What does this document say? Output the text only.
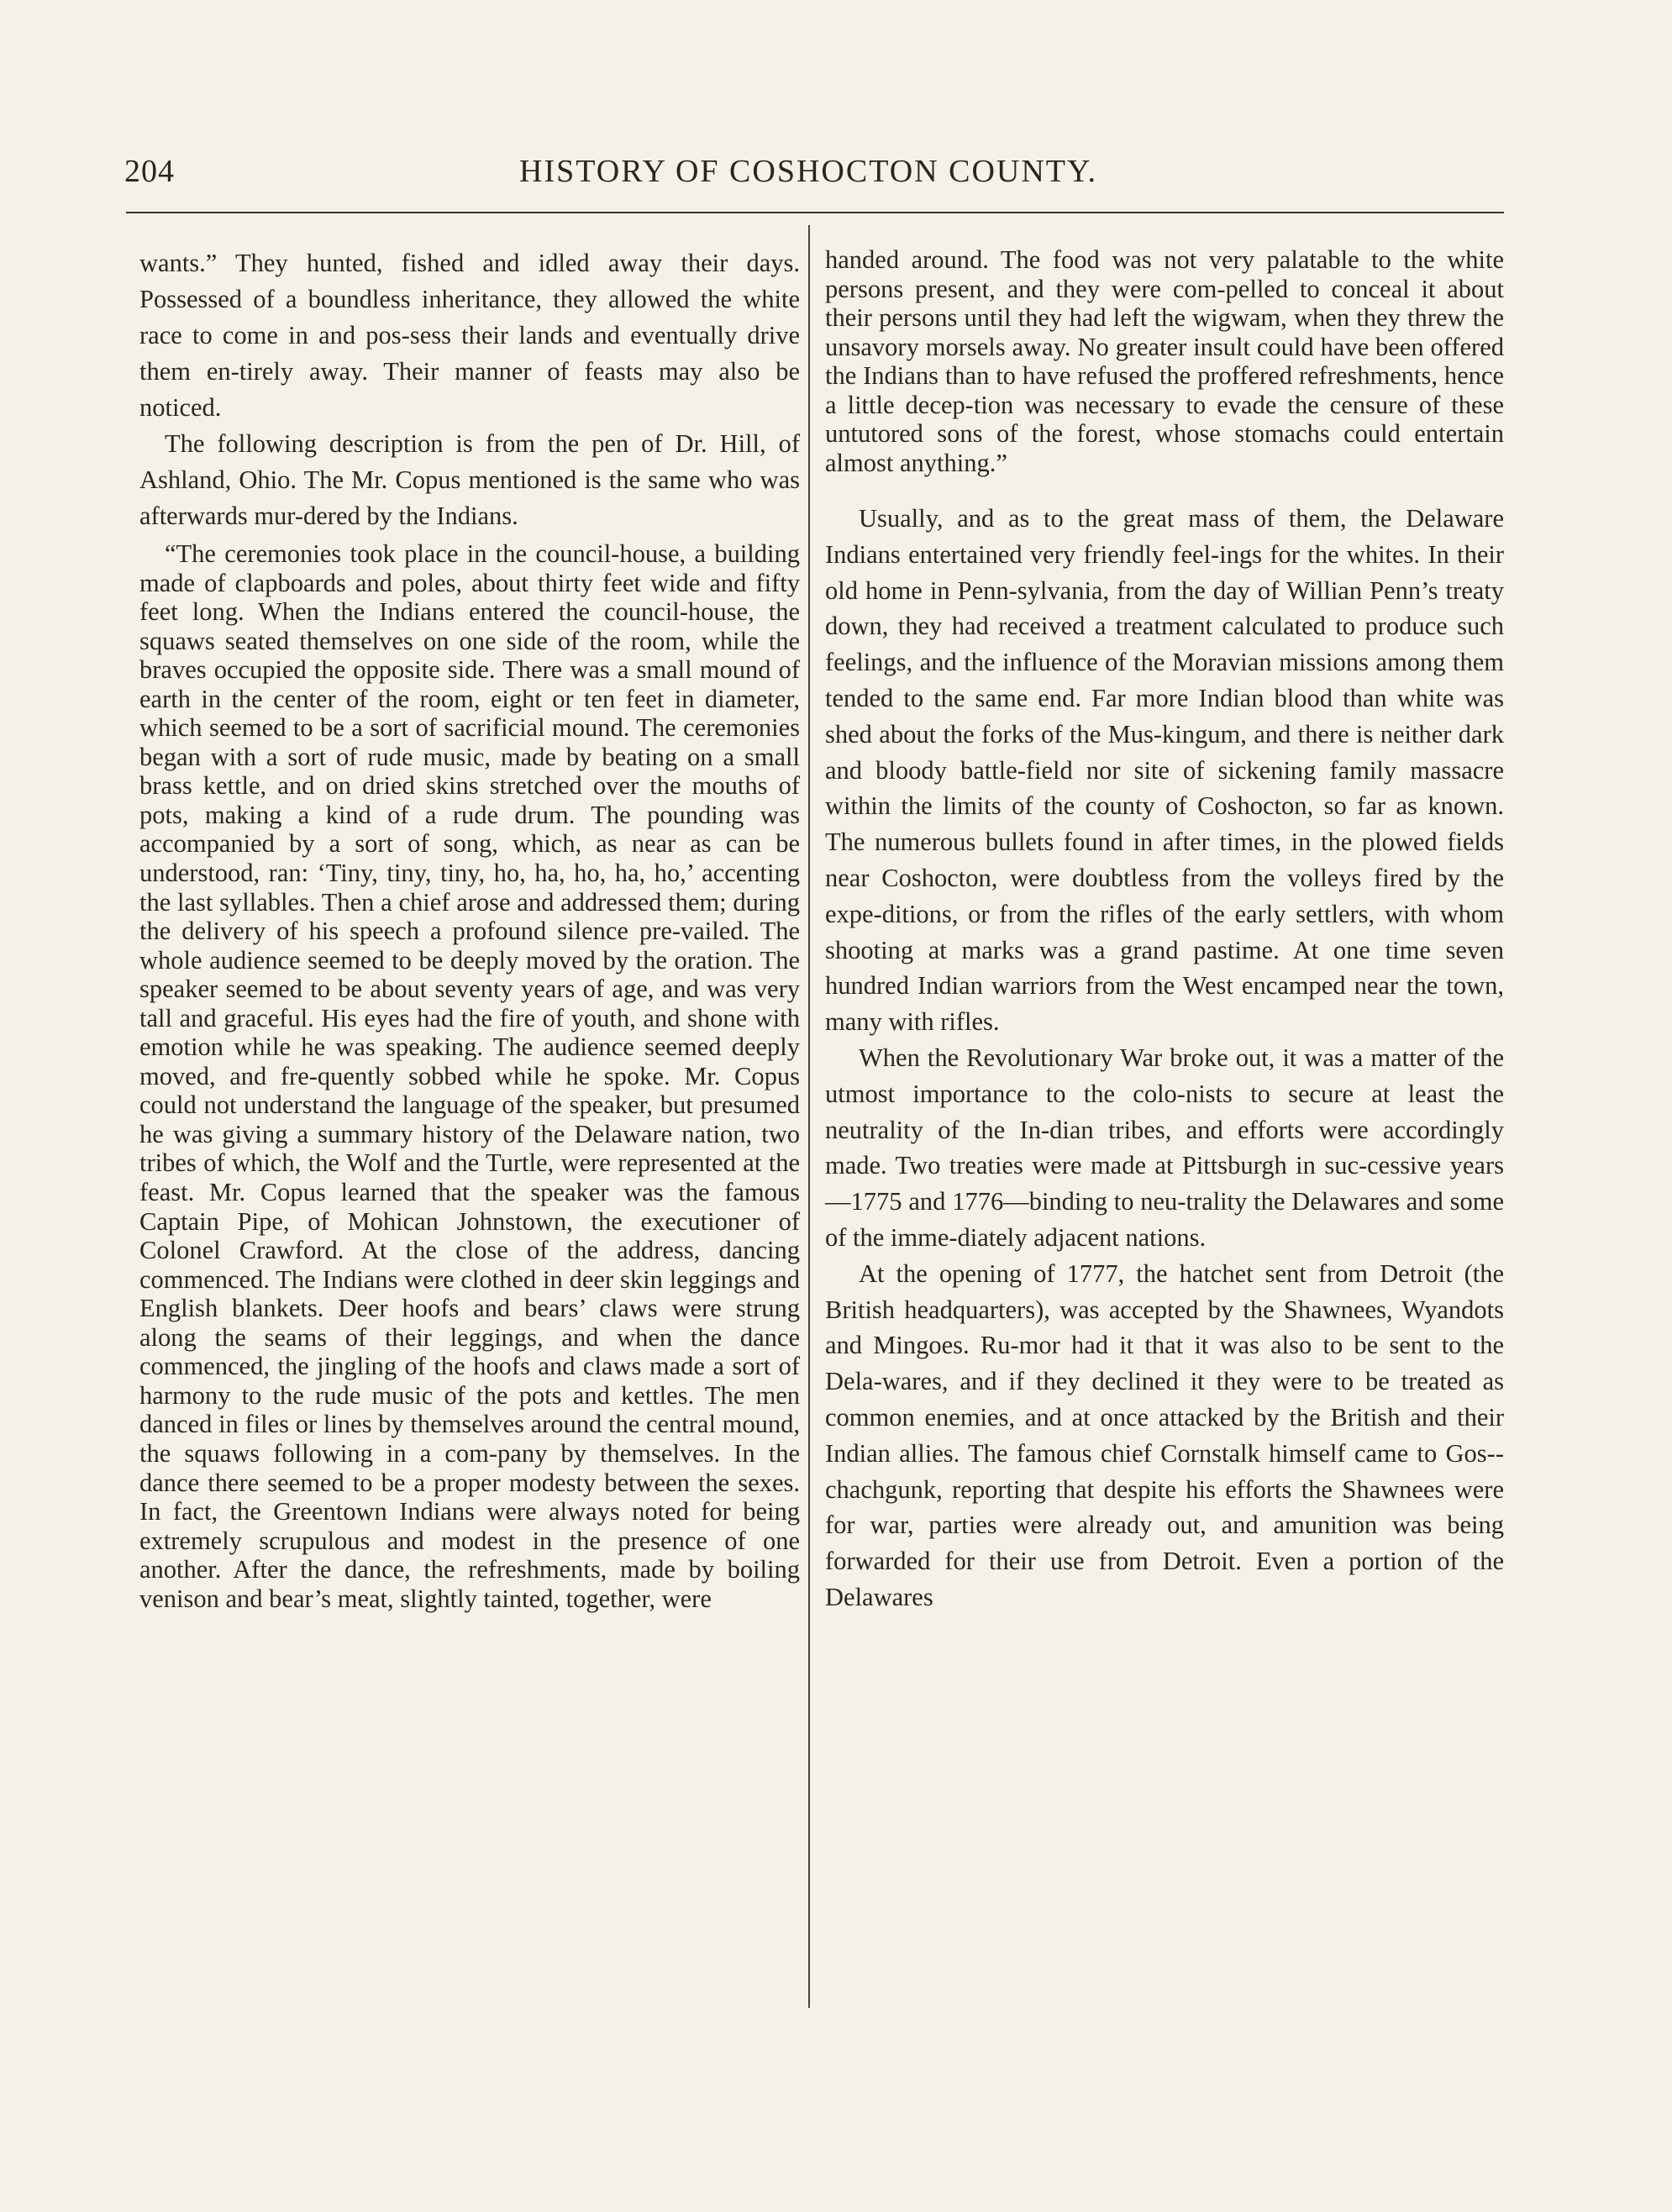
204	HISTORY OF COSHOCTON COUNTY.

wants.” They hunted, fished and idled away their days. Possessed of a boundless inheritance, they allowed the white race to come in and pos-sess their lands and eventually drive them en-tirely away. Their manner of feasts may also be noticed.

The following description is from the pen of Dr. Hill, of Ashland, Ohio. The Mr. Copus mentioned is the same who was afterwards mur-dered by the Indians.

“The ceremonies took place in the council-house, a building made of clapboards and poles, about thirty feet wide and fifty feet long. When the Indians entered the council-house, the squaws seated themselves on one side of the room, while the braves occupied the opposite side. There was a small mound of earth in the center of the room, eight or ten feet in diameter, which seemed to be a sort of sacrificial mound. The ceremonies began with a sort of rude music, made by beating on a small brass kettle, and on dried skins stretched over the mouths of pots, making a kind of a rude drum. The pounding was accompanied by a sort of song, which, as near as can be understood, ran: ‘Tiny, tiny, tiny, ho, ha, ho, ha, ho,’ accenting the last syllables. Then a chief arose and addressed them; during the delivery of his speech a profound silence pre-vailed. The whole audience seemed to be deeply moved by the oration. The speaker seemed to be about seventy years of age, and was very tall and graceful. His eyes had the fire of youth, and shone with emotion while he was speaking. The audience seemed deeply moved, and fre-quently sobbed while he spoke. Mr. Copus could not understand the language of the speaker, but presumed he was giving a summary history of the Delaware nation, two tribes of which, the Wolf and the Turtle, were represented at the feast. Mr. Copus learned that the speaker was the famous Captain Pipe, of Mohican Johnstown, the executioner of Colonel Crawford. At the close of the address, dancing commenced. The Indians were clothed in deer skin leggings and English blankets. Deer hoofs and bears’ claws were strung along the seams of their leggings, and when the dance commenced, the jingling of the hoofs and claws made a sort of harmony to the rude music of the pots and kettles. The men danced in files or lines by themselves around the central mound, the squaws following in a com-pany by themselves. In the dance there seemed to be a proper modesty between the sexes. In fact, the Greentown Indians were always noted for being extremely scrupulous and modest in the presence of one another. After the dance, the refreshments, made by boiling venison and bear’s meat, slightly tainted, together, were

handed around. The food was not very palatable to the white persons present, and they were com-pelled to conceal it about their persons until they had left the wigwam, when they threw the unsavory morsels away. No greater insult could have been offered the Indians than to have refused the proffered refreshments, hence a little decep-tion was necessary to evade the censure of these untutored sons of the forest, whose stomachs could entertain almost anything.”

Usually, and as to the great mass of them, the Delaware Indians entertained very friendly feel-ings for the whites. In their old home in Penn-sylvania, from the day of Willian Penn’s treaty down, they had received a treatment calculated to produce such feelings, and the influence of the Moravian missions among them tended to the same end. Far more Indian blood than white was shed about the forks of the Mus-kingum, and there is neither dark and bloody battle-field nor site of sickening family massacre within the limits of the county of Coshocton, so far as known. The numerous bullets found in after times, in the plowed fields near Coshocton, were doubtless from the volleys fired by the expe-ditions, or from the rifles of the early settlers, with whom shooting at marks was a grand pastime. At one time seven hundred Indian warriors from the West encamped near the town, many with rifles.

When the Revolutionary War broke out, it was a matter of the utmost importance to the colo-nists to secure at least the neutrality of the In-dian tribes, and efforts were accordingly made. Two treaties were made at Pittsburgh in suc-cessive years—1775 and 1776—binding to neu-trality the Delawares and some of the imme-diately adjacent nations.

At the opening of 1777, the hatchet sent from Detroit (the British headquarters), was accepted by the Shawnees, Wyandots and Mingoes. Ru-mor had it that it was also to be sent to the Dela-wares, and if they declined it they were to be treated as common enemies, and at once attacked by the British and their Indian allies. The famous chief Cornstalk himself came to Gos-chachgunk, reporting that despite his efforts the Shawnees were for war, parties were already out, and amunition was being forwarded for their use from Detroit. Even a portion of the Delawares
